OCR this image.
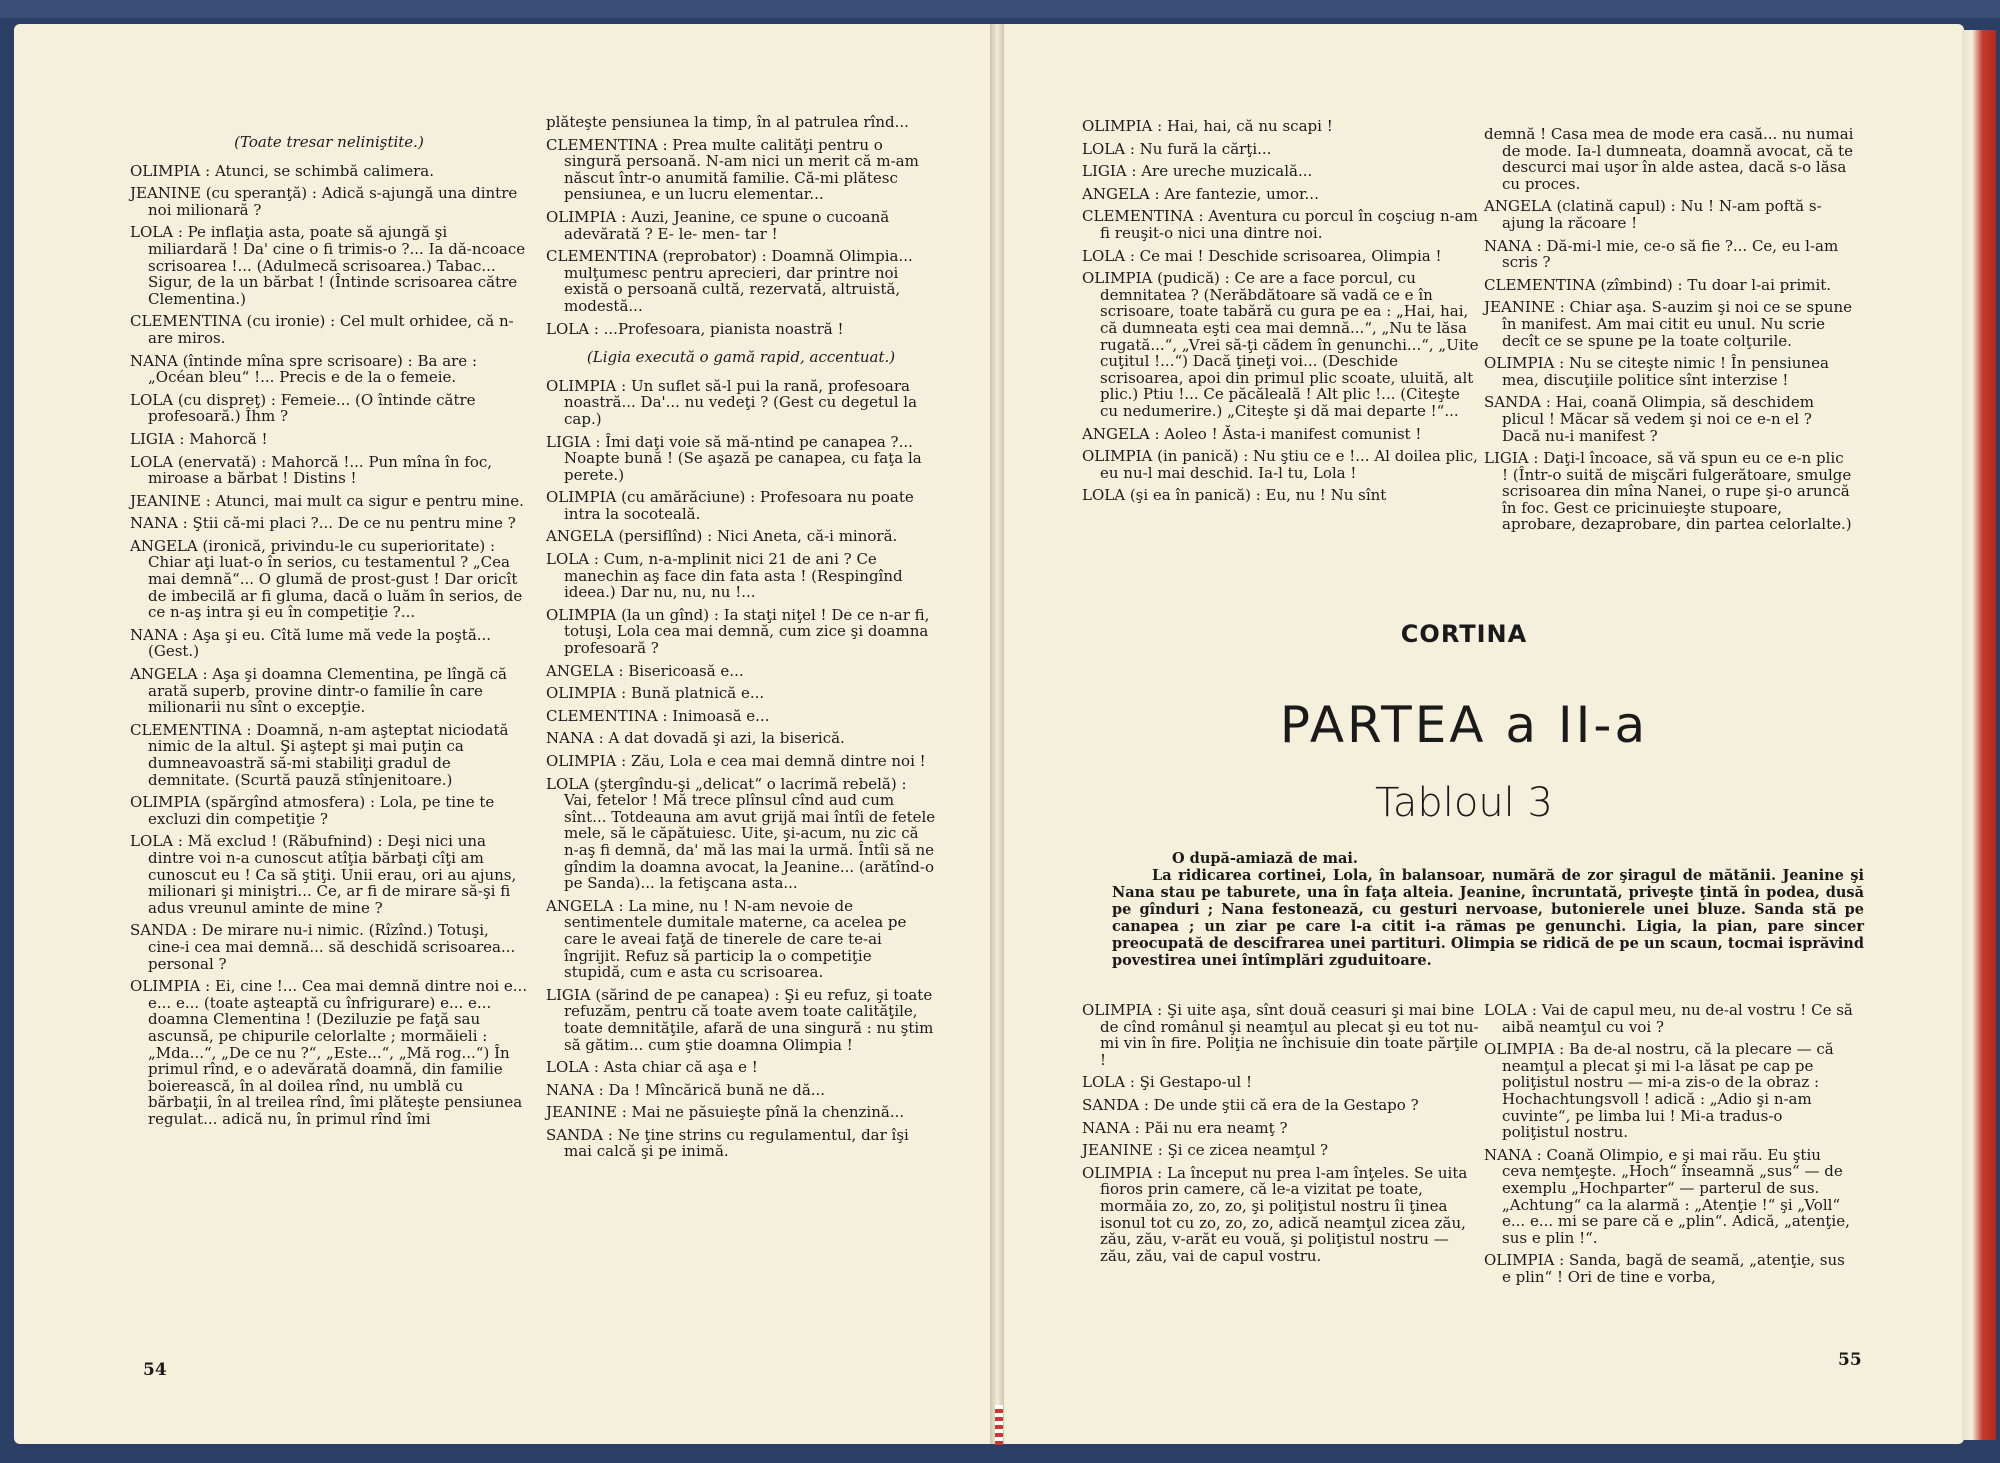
(Toate tresar neliniştite.)

OLIMPIA : Atunci, se schimbă calimera.

JEANINE (cu speranţă) : Adică s-ajungă una dintre noi milionară ?

LOLA : Pe inflaţia asta, poate să ajungă şi miliardară ! Da' cine o fi trimis-o ?... Ia dă-ncoace scrisoarea !... (Adulmecă scrisoarea.) Tabac... Sigur, de la un bărbat ! (Întinde scrisoarea către Clementina.)

CLEMENTINA (cu ironie) : Cel mult orhidee, că n-are miros.

NANA (întinde mîna spre scrisoare) : Ba are : „Océan bleu“ !... Precis e de la o femeie.

LOLA (cu dispreţ) : Femeie... (O întinde către profesoară.) Îhm ?

LIGIA : Mahorcă !

LOLA (enervată) : Mahorcă !... Pun mîna în foc, miroase a bărbat ! Distins !

JEANINE : Atunci, mai mult ca sigur e pentru mine.

NANA : Ştii că-mi placi ?... De ce nu pentru mine ?

ANGELA (ironică, privindu-le cu superioritate) : Chiar aţi luat-o în serios, cu testamentul ? „Cea mai demnă“... O glumă de prost-gust ! Dar oricît de imbecilă ar fi gluma, dacă o luăm în serios, de ce n-aş intra şi eu în competiţie ?...

NANA : Aşa şi eu. Cîtă lume mă vede la poştă... (Gest.)

ANGELA : Aşa şi doamna Clementina, pe lîngă că arată superb, provine dintr-o familie în care milionarii nu sînt o excepţie.

CLEMENTINA : Doamnă, n-am aşteptat niciodată nimic de la altul. Şi aştept şi mai puţin ca dumneavoastră să-mi stabiliţi gradul de demnitate. (Scurtă pauză stînjenitoare.)

OLIMPIA (spărgînd atmosfera) : Lola, pe tine te excluzi din competiţie ?

LOLA : Mă exclud ! (Răbufnind) : Deşi nici una dintre voi n-a cunoscut atîţia bărbaţi cîţi am cunoscut eu ! Ca să ştiţi. Unii erau, ori au ajuns, milionari şi miniştri... Ce, ar fi de mirare să-şi fi adus vreunul aminte de mine ?

SANDA : De mirare nu-i nimic. (Rîzînd.) Totuşi, cine-i cea mai demnă... să deschidă scrisoarea... personal ?

OLIMPIA : Ei, cine !... Cea mai demnă dintre noi e... e... e... (toate aşteaptă cu înfrigurare) e... e... doamna Clementina ! (Deziluzie pe faţă sau ascunsă, pe chipurile celorlalte ; mormăieli : „Mda...“, „De ce nu ?“, „Este...“, „Mă rog...“) În primul rînd, e o adevărată doamnă, din familie boierească, în al doilea rînd, nu umblă cu bărbaţii, în al treilea rînd, îmi plăteşte pensiunea regulat... adică nu, în primul rînd îmi

plăteşte pensiunea la timp, în al patrulea rînd...

CLEMENTINA : Prea multe calităţi pentru o singură persoană. N-am nici un merit că m-am născut într-o anumită familie. Că-mi plătesc pensiunea, e un lucru elementar...

OLIMPIA : Auzi, Jeanine, ce spune o cucoană adevărată ? E- le- men- tar !

CLEMENTINA (reprobator) : Doamnă Olimpia... mulţumesc pentru aprecieri, dar printre noi există o persoană cultă, rezervată, altruistă, modestă...

LOLA : ...Profesoara, pianista noastră !

(Ligia execută o gamă rapid, accentuat.)

OLIMPIA : Un suflet să-l pui la rană, profesoara noastră... Da'... nu vedeţi ? (Gest cu degetul la cap.)

LIGIA : Îmi daţi voie să mă-ntind pe canapea ?... Noapte bună ! (Se aşază pe canapea, cu faţa la perete.)

OLIMPIA (cu amărăciune) : Profesoara nu poate intra la socoteală.

ANGELA (persiflînd) : Nici Aneta, că-i minoră.

LOLA : Cum, n-a-mplinit nici 21 de ani ? Ce manechin aş face din fata asta ! (Respingînd ideea.) Dar nu, nu, nu !...

OLIMPIA (la un gînd) : Ia staţi niţel ! De ce n-ar fi, totuşi, Lola cea mai demnă, cum zice şi doamna profesoară ?

ANGELA : Bisericoasă e...

OLIMPIA : Bună platnică e...

CLEMENTINA : Inimoasă e...

NANA : A dat dovadă şi azi, la biserică.

OLIMPIA : Zău, Lola e cea mai demnă dintre noi !

LOLA (ştergîndu-şi „delicat“ o lacrimă rebelă) : Vai, fetelor ! Mă trece plînsul cînd aud cum sînt... Totdeauna am avut grijă mai întîi de fetele mele, să le căpătuiesc. Uite, şi-acum, nu zic că n-aş fi demnă, da' mă las mai la urmă. Întîi să ne gîndim la doamna avocat, la Jeanine... (arătînd-o pe Sanda)... la fetişcana asta...

ANGELA : La mine, nu ! N-am nevoie de sentimentele dumitale materne, ca acelea pe care le aveai faţă de tinerele de care te-ai îngrijit. Refuz să particip la o competiţie stupidă, cum e asta cu scrisoarea.

LIGIA (sărind de pe canapea) : Şi eu refuz, şi toate refuzăm, pentru că toate avem toate calităţile, toate demnităţile, afară de una singură : nu ştim să gătim... cum ştie doamna Olimpia !

LOLA : Asta chiar că aşa e !

NANA : Da ! Mîncărică bună ne dă...

JEANINE : Mai ne păsuieşte pînă la chenzină...

SANDA : Ne ţine strins cu regulamentul, dar îşi mai calcă şi pe inimă.

54

OLIMPIA : Hai, hai, că nu scapi !

LOLA : Nu fură la cărţi...

LIGIA : Are ureche muzicală...

ANGELA : Are fantezie, umor...

CLEMENTINA : Aventura cu porcul în coşciug n-am fi reuşit-o nici una dintre noi.

LOLA : Ce mai ! Deschide scrisoarea, Olimpia !

OLIMPIA (pudică) : Ce are a face porcul, cu demnitatea ? (Nerăbdătoare să vadă ce e în scrisoare, toate tabără cu gura pe ea : „Hai, hai, că dumneata eşti cea mai demnă...“, „Nu te lăsa rugată...“, „Vrei să-ţi cădem în genunchi...“, „Uite cuţitul !...“) Dacă ţineţi voi... (Deschide scrisoarea, apoi din primul plic scoate, uluită, alt plic.) Ptiu !... Ce păcăleală ! Alt plic !... (Citeşte cu nedumerire.) „Citeşte şi dă mai departe !“...

ANGELA : Aoleo ! Ăsta-i manifest comunist !

OLIMPIA (in panică) : Nu ştiu ce e !... Al doilea plic, eu nu-l mai deschid. Ia-l tu, Lola !

LOLA (şi ea în panică) : Eu, nu ! Nu sînt

demnă ! Casa mea de mode era casă... nu numai de mode. Ia-l dumneata, doamnă avocat, că te descurci mai uşor în alde astea, dacă s-o lăsa cu proces.

ANGELA (clatină capul) : Nu ! N-am poftă s-ajung la răcoare !

NANA : Dă-mi-l mie, ce-o să fie ?... Ce, eu l-am scris ?

CLEMENTINA (zîmbind) : Tu doar l-ai primit.

JEANINE : Chiar aşa. S-auzim şi noi ce se spune în manifest. Am mai citit eu unul. Nu scrie decît ce se spune pe la toate colţurile.

OLIMPIA : Nu se citeşte nimic ! În pensiunea mea, discuţiile politice sînt interzise !

SANDA : Hai, coană Olimpia, să deschidem plicul ! Măcar să vedem şi noi ce e-n el ? Dacă nu-i manifest ?

LIGIA : Daţi-l încoace, să vă spun eu ce e-n plic ! (Într-o suită de mişcări fulgerătoare, smulge scrisoarea din mîna Nanei, o rupe şi-o aruncă în foc. Gest ce pricinuieşte stupoare, aprobare, dezaprobare, din partea celorlalte.)

CORTINA
PARTEA a II-a
Tabloul 3

O după-amiază de mai.

La ridicarea cortinei, Lola, în balansoar, numără de zor şiragul de mătănii. Jeanine şi Nana stau pe taburete, una în faţa alteia. Jeanine, încruntată, priveşte ţintă în podea, dusă pe gînduri ; Nana festonează, cu gesturi nervoase, butonierele unei bluze. Sanda stă pe canapea ; un ziar pe care l-a citit i-a rămas pe genunchi. Ligia, la pian, pare sincer preocupată de descifrarea unei partituri. Olimpia se ridică de pe un scaun, tocmai isprăvind povestirea unei întîmplări zguduitoare.

OLIMPIA : Şi uite aşa, sînt două ceasuri şi mai bine de cînd românul şi neamţul au plecat şi eu tot nu-mi vin în fire. Poliţia ne închisuie din toate părţile !

LOLA : Şi Gestapo-ul !

SANDA : De unde ştii că era de la Gestapo ?

NANA : Păi nu era neamţ ?

JEANINE : Şi ce zicea neamţul ?

OLIMPIA : La început nu prea l-am înţeles. Se uita fioros prin camere, că le-a vizitat pe toate, mormăia zo, zo, zo, şi poliţistul nostru îi ţinea isonul tot cu zo, zo, zo, adică neamţul zicea zău, zău, zău, v-arăt eu vouă, şi poliţistul nostru — zău, zău, vai de capul vostru.

LOLA : Vai de capul meu, nu de-al vostru ! Ce să aibă neamţul cu voi ?

OLIMPIA : Ba de-al nostru, că la plecare — că neamţul a plecat şi mi l-a lăsat pe cap pe poliţistul nostru — mi-a zis-o de la obraz : Hochachtungsvoll ! adică : „Adio şi n-am cuvinte“, pe limba lui ! Mi-a tradus-o poliţistul nostru.

NANA : Coană Olimpio, e şi mai rău. Eu ştiu ceva nemţeşte. „Hoch“ înseamnă „sus“ — de exemplu „Hochparter“ — parterul de sus. „Achtung“ ca la alarmă : „Atenţie !“ şi „Voll“ e... e... mi se pare că e „plin“. Adică, „atenţie, sus e plin !“.

OLIMPIA : Sanda, bagă de seamă, „atenţie, sus e plin“ ! Ori de tine e vorba,

55
